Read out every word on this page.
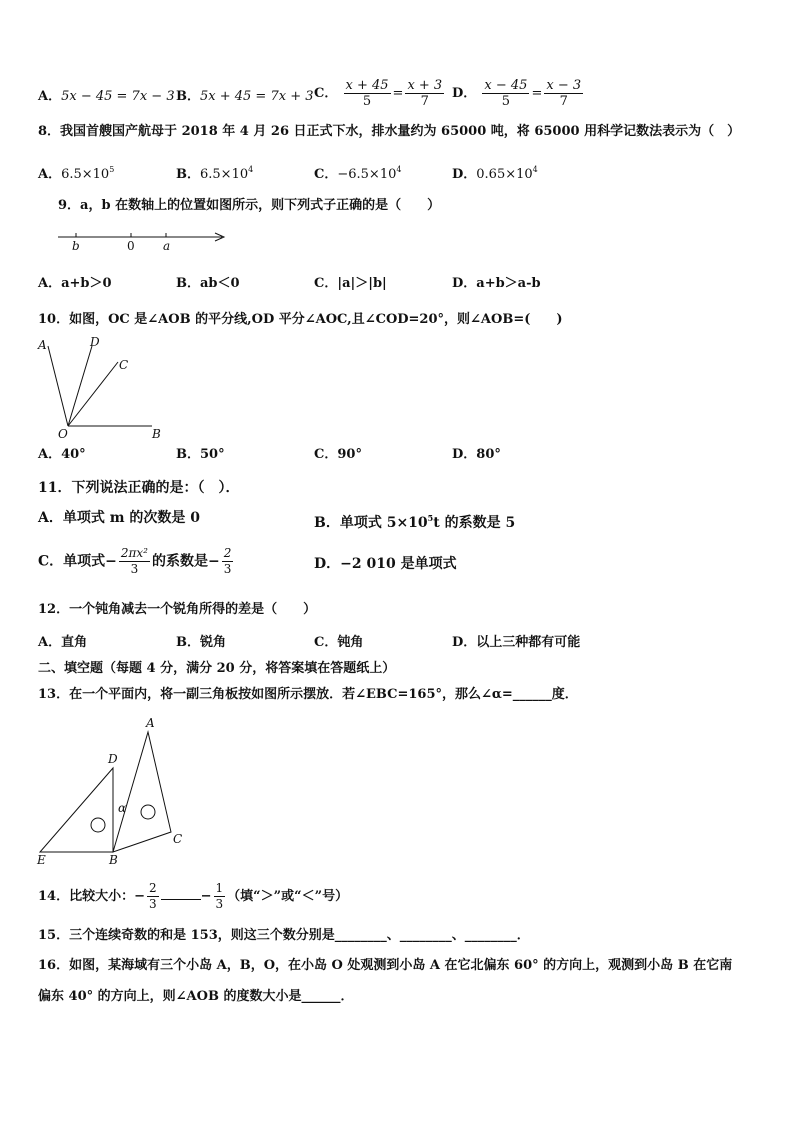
A．5x − 45 = 7x − 3 B．5x + 45 = 7x + 3 C． $\frac{x + 45}{5} = \frac{x + 3}{7}$ D． $\frac{x - 45}{5} = \frac{x - 3}{7}$
8．我国首艘国产航母于 2018 年 4 月 26 日正式下水，排水量约为 65000 吨，将 65000 用科学记数法表示为（　）
A．$6.5\times 10^5$	B．$6.5\times 10^4$	C．$-6.5\times 10^4$	D．$0.65\times 10^4$
9．a，b 在数轴上的位置如图所示，则下列式子正确的是（　　）
b	0 a
A．a+b＞0	B．ab＜0	C．|a|＞|b|	D．a+b＞a-b
10．如图，OC 是∠AOB 的平分线,OD 平分∠AOC,且∠COD=20°，则∠AOB=(　　)
A	D
C
O	B
A．40°	B．50°	C．90°	D．80°
11．下列说法正确的是：（　）．
A．单项式 m 的次数是 0	B．单项式 $5\times 10^5t$ 的系数是 5
C．单项式− $\frac{\text{2πx²}}{3}$ 的系数是− $\frac{2}{3}$	D．−2 010 是单项式
12．一个钝角减去一个锐角所得的差是（　　）
A．直角	B．锐角	C．钝角	D．以上三种都有可能
二、填空题（每题 4 分，满分 20 分，将答案填在答题纸上）
13．在一个平面内，将一副三角板按如图所示摆放．若∠EBC=165°，那么∠α=______度．
A
D
α
C
E	B
14．比较大小：− $\frac{2}{3}$	− $\frac{1}{3}$ （填“＞”或“＜”号）
15．三个连续奇数的和是 153，则这三个数分别是________、________、________．
16．如图，某海域有三个小岛 A，B，O，在小岛 O 处观测到小岛 A 在它北偏东 60° 的方向上，观测到小岛 B 在它南
偏东 40° 的方向上，则∠AOB 的度数大小是______．
